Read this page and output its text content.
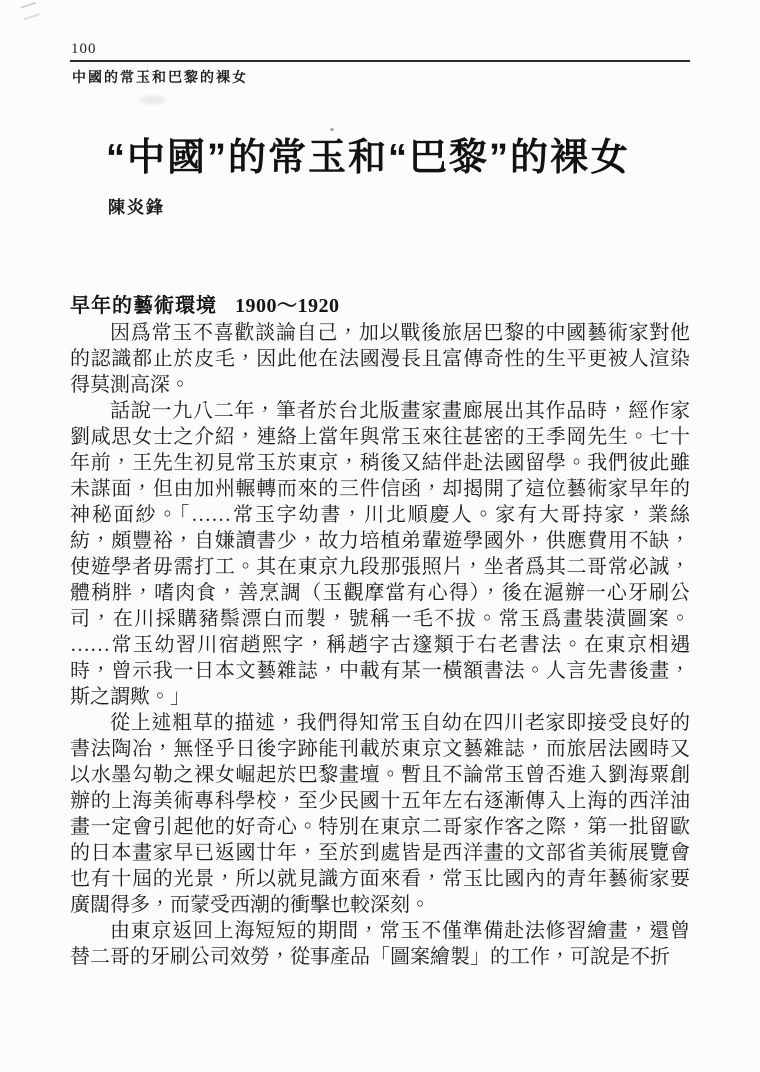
100
中國的常玉和巴黎的裸女
“中國”的常玉和“巴黎”的裸女
陳炎鋒
早年的藝術環境 1900～1920
因爲常玉不喜歡談論自己，加以戰後旅居巴黎的中國藝術家對他
的認識都止於皮毛，因此他在法國漫長且富傳奇性的生平更被人渲染
得莫測高深。
話說一九八二年，筆者於台北版畫家畫廊展出其作品時，經作家
劉咸思女士之介紹，連絡上當年與常玉來往甚密的王季岡先生。七十
年前，王先生初見常玉於東京，稍後又結伴赴法國留學。我們彼此雖
未謀面，但由加州輾轉而來的三件信函，却揭開了這位藝術家早年的
神秘面紗。「……常玉字幼書，川北順慶人。家有大哥持家，業絲
紡，頗豐裕，自嫌讀書少，故力培植弟輩遊學國外，供應費用不缺，
使遊學者毋需打工。其在東京九段那張照片，坐者爲其二哥常必誠，
體稍胖，嗜肉食，善烹調（玉觀摩當有心得），後在滬辦一心牙刷公
司，在川採購豬鬃漂白而製，號稱一毛不拔。常玉爲畫裝潢圖案。
……常玉幼習川宿趙熙字，稱趙字古邃類于右老書法。在東京相遇
時，曾示我一日本文藝雜誌，中載有某一橫額書法。人言先書後畫，
斯之謂歟。」
從上述粗草的描述，我們得知常玉自幼在四川老家即接受良好的
書法陶冶，無怪乎日後字跡能刊載於東京文藝雜誌，而旅居法國時又
以水墨勾勒之裸女崛起於巴黎畫壇。暫且不論常玉曾否進入劉海粟創
辦的上海美術專科學校，至少民國十五年左右逐漸傳入上海的西洋油
畫一定會引起他的好奇心。特別在東京二哥家作客之際，第一批留歐
的日本畫家早已返國廿年，至於到處皆是西洋畫的文部省美術展覽會
也有十屆的光景，所以就見識方面來看，常玉比國內的青年藝術家要
廣闊得多，而蒙受西潮的衝擊也較深刻。
由東京返回上海短短的期間，常玉不僅準備赴法修習繪畫，還曾
替二哥的牙刷公司效勞，從事產品「圖案繪製」的工作，可說是不折
